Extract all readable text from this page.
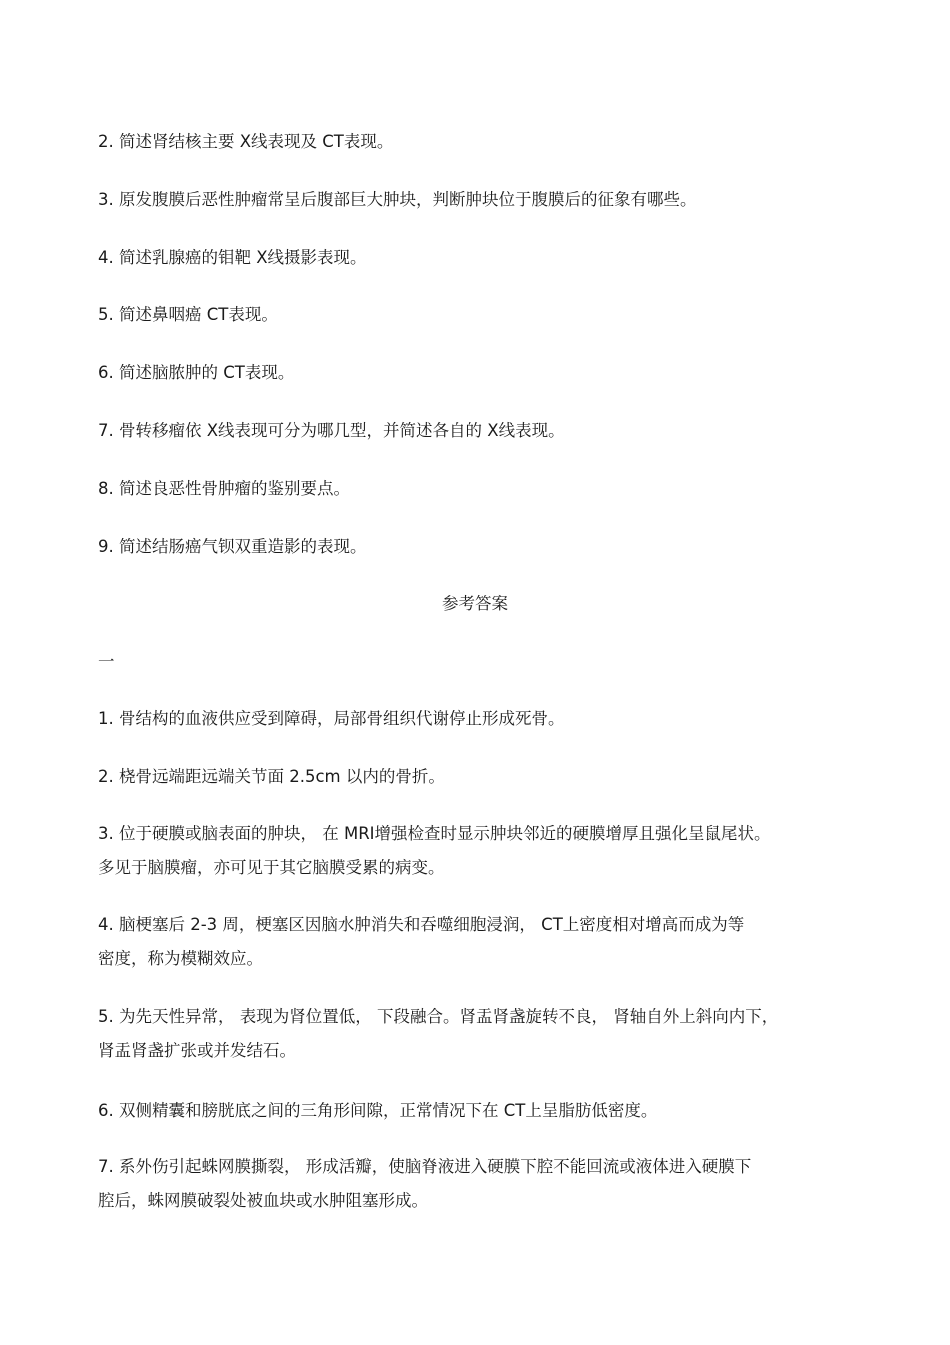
2. 简述肾结核主要 X线表现及 CT表现。
3. 原发腹膜后恶性肿瘤常呈后腹部巨大肿块，判断肿块位于腹膜后的征象有哪些。
4. 简述乳腺癌的钼靶 X线摄影表现。
5. 简述鼻咽癌 CT表现。
6. 简述脑脓肿的 CT表现。
7. 骨转移瘤依 X线表现可分为哪几型，并简述各自的 X线表现。
8. 简述良恶性骨肿瘤的鉴别要点。
9. 简述结肠癌气钡双重造影的表现。
参考答案
一
1. 骨结构的血液供应受到障碍，局部骨组织代谢停止形成死骨。
2. 桡骨远端距远端关节面 2.5cm 以内的骨折。
3. 位于硬膜或脑表面的肿块， 在 MRI增强检查时显示肿块邻近的硬膜增厚且强化呈鼠尾状。
多见于脑膜瘤，亦可见于其它脑膜受累的病变。
4. 脑梗塞后 2-3 周，梗塞区因脑水肿消失和吞噬细胞浸润， CT上密度相对增高而成为等
密度，称为模糊效应。
5. 为先天性异常， 表现为肾位置低， 下段融合。肾盂肾盏旋转不良， 肾轴自外上斜向内下，
肾盂肾盏扩张或并发结石。
6. 双侧精囊和膀胱底之间的三角形间隙，正常情况下在 CT上呈脂肪低密度。
7. 系外伤引起蛛网膜撕裂， 形成活瓣，使脑脊液进入硬膜下腔不能回流或液体进入硬膜下
腔后，蛛网膜破裂处被血块或水肿阻塞形成。
